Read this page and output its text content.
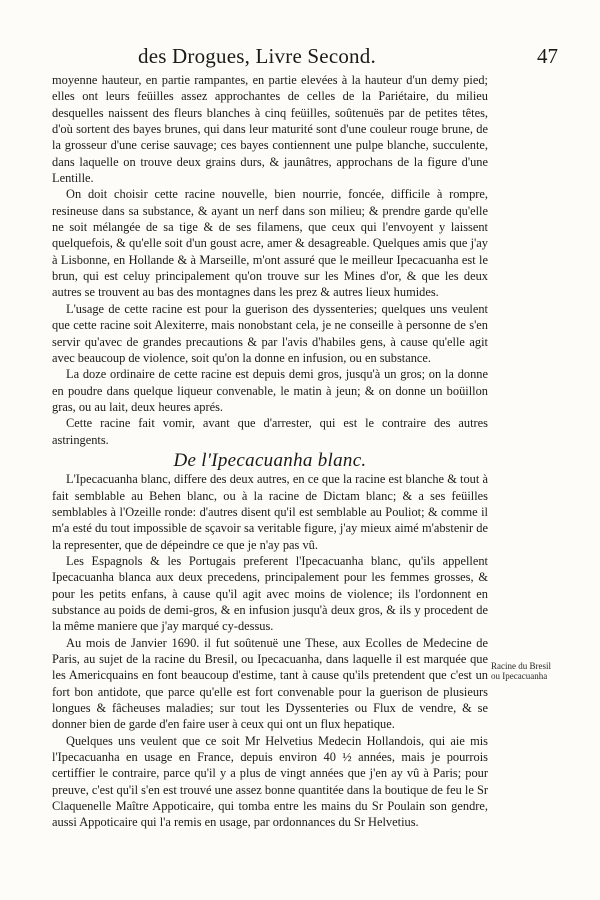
des Drogues, Livre Second.	47

moyenne hauteur, en partie rampantes, en partie elevées à la hauteur d'un demy pied; elles ont leurs feüilles assez approchantes de celles de la Pariétaire, du milieu desquelles naissent des fleurs blanches à cinq feüilles, soûtenuës par de petites têtes, d'où sortent des bayes brunes, qui dans leur maturité sont d'une couleur rouge brune, de la grosseur d'une cerise sauvage; ces bayes contiennent une pulpe blanche, succulente, dans laquelle on trouve deux grains durs, & jaunâtres, approchans de la figure d'une Lentille.

On doit choisir cette racine nouvelle, bien nourrie, foncée, difficile à rompre, resineuse dans sa substance, & ayant un nerf dans son milieu; & prendre garde qu'elle ne soit mélangée de sa tige & de ses filamens, que ceux qui l'envoyent y laissent quelquefois, & qu'elle soit d'un goust acre, amer & desagreable. Quelques amis que j'ay à Lisbonne, en Hollande & à Marseille, m'ont assuré que le meilleur Ipecacuanha est le brun, qui est celuy principalement qu'on trouve sur les Mines d'or, & que les deux autres se trouvent au bas des montagnes dans les prez & autres lieux humides.

L'usage de cette racine est pour la guerison des dyssenteries; quelques uns veulent que cette racine soit Alexiterre, mais nonobstant cela, je ne conseille à personne de s'en servir qu'avec de grandes precautions & par l'avis d'habiles gens, à cause qu'elle agit avec beaucoup de violence, soit qu'on la donne en infusion, ou en substance.

La doze ordinaire de cette racine est depuis demi gros, jusqu'à un gros; on la donne en poudre dans quelque liqueur convenable, le matin à jeun; & on donne un boüillon gras, ou au lait, deux heures aprés.

Cette racine fait vomir, avant que d'arrester, qui est le contraire des autres astringents.

De l'Ipecacuanha blanc.

L'Ipecacuanha blanc, differe des deux autres, en ce que la racine est blanche & tout à fait semblable au Behen blanc, ou à la racine de Dictam blanc; & a ses feüilles semblables à l'Ozeille ronde: d'autres disent qu'il est semblable au Pouliot; & comme il m'a esté du tout impossible de sçavoir sa veritable figure, j'ay mieux aimé m'abstenir de la representer, que de dépeindre ce que je n'ay pas vû.

Les Espagnols & les Portugais preferent l'Ipecacuanha blanc, qu'ils appellent Ipecacuanha blanca aux deux precedens, principalement pour les femmes grosses, & pour les petits enfans, à cause qu'il agit avec moins de violence; ils l'ordonnent en substance au poids de demi-gros, & en infusion jusqu'à deux gros, & ils y procedent de la même maniere que j'ay marqué cy-dessus.

Au mois de Janvier 1690. il fut soûtenuë une These, aux Ecolles de Medecine de Paris, au sujet de la racine du Bresil, ou Ipecacuanha, dans laquelle il est marquée que les Americquains en font beaucoup d'estime, tant à cause qu'ils pretendent que c'est un fort bon antidote, que parce qu'elle est fort convenable pour la guerison de plusieurs longues & fâcheuses maladies; sur tout les Dyssenteries ou Flux de vendre, & se donner bien de garde d'en faire user à ceux qui ont un flux hepatique.

Quelques uns veulent que ce soit Mr Helvetius Medecin Hollandois, qui aie mis l'Ipecacuanha en usage en France, depuis environ 40 ½ années, mais je pourrois certiffier le contraire, parce qu'il y a plus de vingt années que j'en ay vû à Paris; pour preuve, c'est qu'il s'en est trouvé une assez bonne quantitée dans la boutique de feu le Sr Claquenelle Maître Appoticaire, qui tomba entre les mains du Sr Poulain son gendre, aussi Appoticaire qui l'a remis en usage, par ordonnances du Sr Helvetius.

Racine du Bresil
ou Ipecacuanha
